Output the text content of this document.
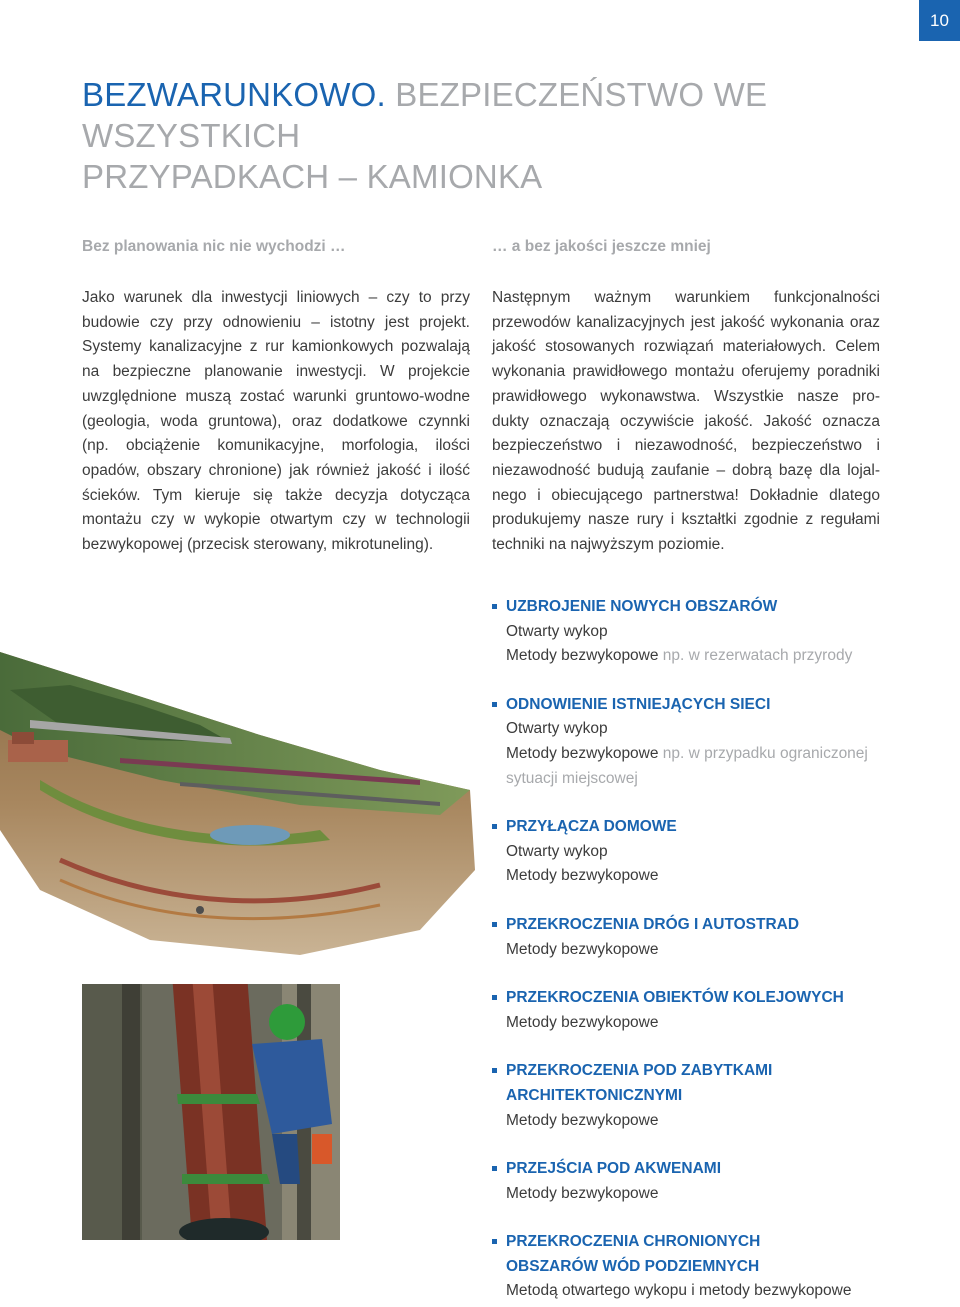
10
BEZWARUNKOWO. BEZPIECZEŃSTWO WE WSZYSTKICH
PRZYPADKACH – KAMIONKA

Bez planowania nic nie wychodzi …	… a bez jakości jeszcze mniej

Jako warunek dla inwestycji liniowych – czy to przy
budowie czy przy odnowieniu – istotny jest projekt.
Systemy kanalizacyjne z rur kamionkowych pozwalają
na bezpieczne planowanie inwestycji. W projekcie
uwzględnione muszą zostać warunki gruntowo-wodne
(geologia, woda gruntowa), oraz dodatkowe czynnki
(np. obciążenie komunikacyjne, morfologia, ilości
opadów, obszary chronione) jak również jakość i ilość
ścieków. Tym kieruje się także decyzja dotycząca
montażu czy w wykopie otwartym czy w technologii
bezwykopowej (przecisk sterowany, mikrotuneling).

Następnym ważnym warunkiem funkcjonalności
przewodów kanalizacyjnych jest jakość wykonania oraz
jakość stosowanych rozwiązań materiałowych. Celem
wykonania prawidłowego montażu oferujemy poradniki
prawidłowego wykonawstwa. Wszystkie nasze pro-
dukty oznaczają oczywiście jakość. Jakość oznacza
bezpieczeństwo i niezawodność, bezpieczeństwo i
niezawodność budują zaufanie – dobrą bazę dla lojal-
nego i obiecującego partnerstwa! Dokładnie dlatego
produkujemy nasze rury i kształtki zgodnie z regułami
techniki na najwyższym poziomie.

UZBROJENIE NOWYCH OBSZARÓW
Otwarty wykop
Metody bezwykopowe np. w rezerwatach przyrody
ODNOWIENIE ISTNIEJĄCYCH SIECI
Otwarty wykop
Metody bezwykopowe np. w przypadku ograniczonej
sytuacji miejscowej
PRZYŁĄCZA DOMOWE
Otwarty wykop
Metody bezwykopowe
PRZEKROCZENIA DRÓG I AUTOSTRAD
Metody bezwykopowe
PRZEKROCZENIA OBIEKTÓW KOLEJOWYCH
Metody bezwykopowe
PRZEKROCZENIA POD ZABYTKAMI
ARCHITEKTONICZNYMI
Metody bezwykopowe
PRZEJŚCIA POD AKWENAMI
Metody bezwykopowe
PRZEKROCZENIA CHRONIONYCH
OBSZARÓW WÓD PODZIEMNYCH
Metodą otwartego wykopu i metody bezwykopowe
